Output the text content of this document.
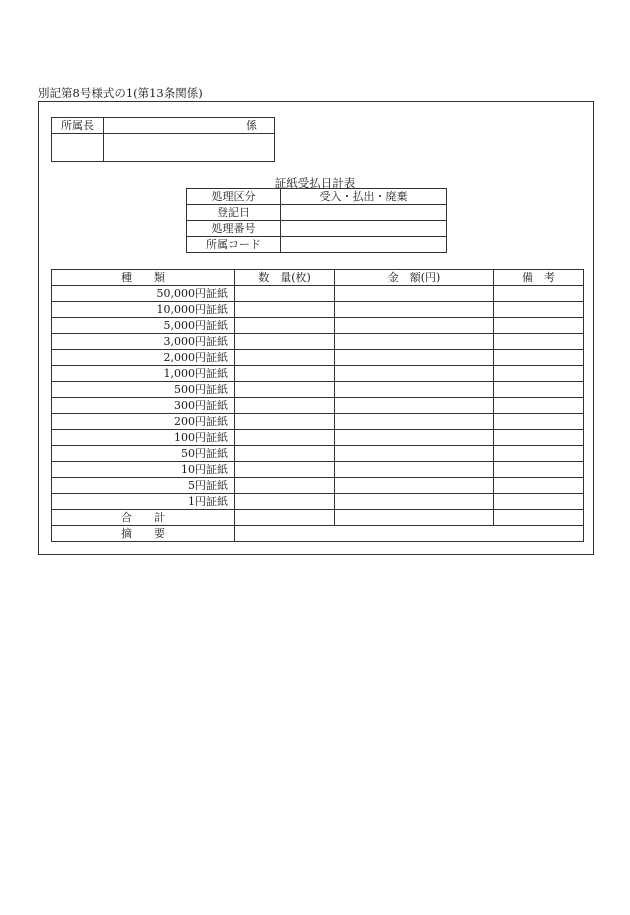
別記第8号様式の1(第13条関係)
所属長	係

証紙受払日計表
処理区分	受入・払出・廃棄
登記日	
処理番号	
所属コード	
種　　類	数　量(枚)	金　額(円)	備　考
50,000円証紙			
10,000円証紙			
5,000円証紙			
3,000円証紙			
2,000円証紙			
1,000円証紙			
500円証紙			
300円証紙			
200円証紙			
100円証紙			
50円証紙			
10円証紙			
5円証紙			
1円証紙			
合　　計			
摘　　要			
